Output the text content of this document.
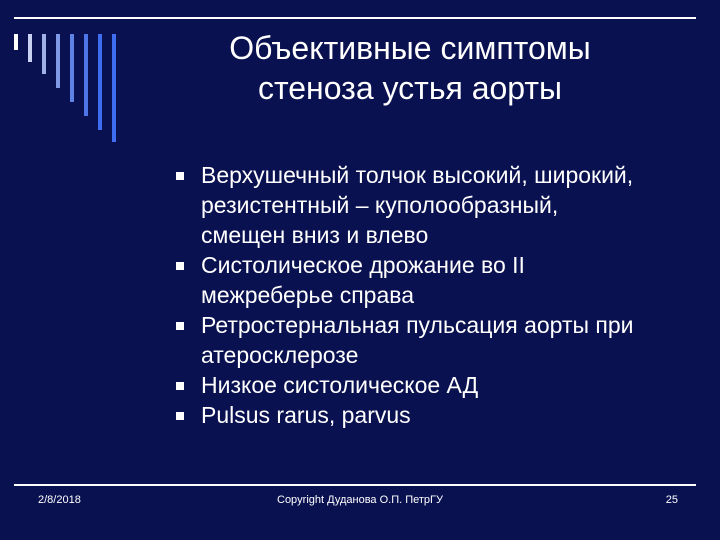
Объективные симптомы
стеноза устья аорты
Верхушечный толчок высокий, широкий,
резистентный – куполообразный,
смещен вниз и влево
Систолическое дрожание во II
межреберье справа
Ретростернальная пульсация аорты при
атеросклерозе
Низкое систолическое АД
Pulsus rarus, parvus
2/8/2018	Copyright Дуданова О.П. ПетрГУ	25
